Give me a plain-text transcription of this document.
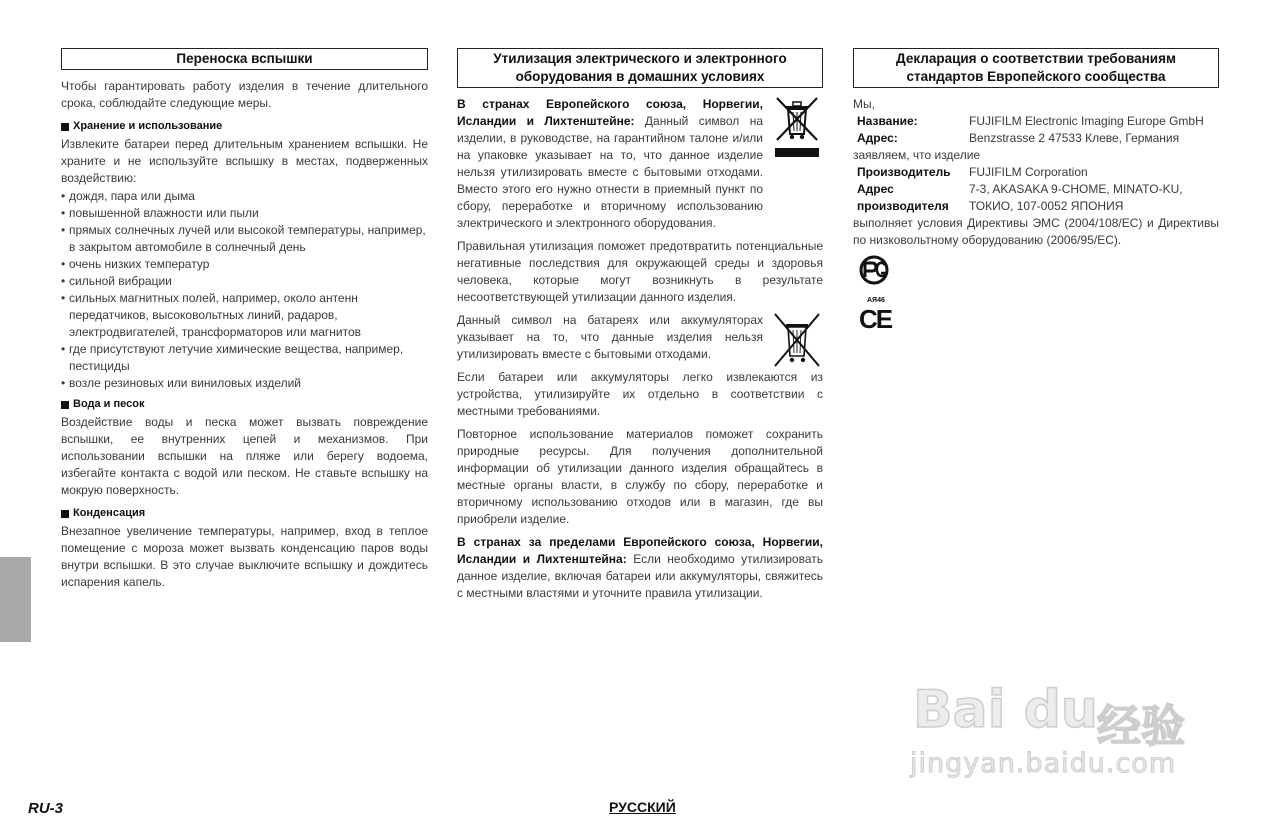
Переноска вспышки

Чтобы гарантировать работу изделия в течение длительного срока, соблюдайте следующие меры.

Хранение и использование

Извлеките батареи перед длительным хранением вспышки. Не храните и не используйте вспышку в местах, подверженных воздействию:

• дождя, пара или дыма
• повышенной влажности или пыли
• прямых солнечных лучей или высокой температуры, например, в закрытом автомобиле в солнечный день
• очень низких температур
• сильной вибрации
• сильных магнитных полей, например, около антенн передатчиков, высоковольтных линий, радаров, электродвигателей, трансформаторов или магнитов
• где присутствуют летучие химические вещества, например, пестициды
• возле резиновых или виниловых изделий
Вода и песок

Воздействие воды и песка может вызвать повреждение вспышки, ее внутренних цепей и механизмов. При использовании вспышки на пляже или берегу водоема, избегайте контакта с водой или песком. Не ставьте вспышку на мокрую поверхность.

Конденсация

Внезапное увеличение температуры, например, вход в теплое помещение с мороза может вызвать конденсацию паров воды внутри вспышки. В это случае выключите вспышку и дождитесь испарения капель.

Утилизация электрического и электронного оборудования в домашних условиях

В странах Европейского союза, Норвегии, Исландии и Лихтенштейне: Данный символ на изделии, в руководстве, на гарантийном талоне и/или на упаковке указывает на то, что данное изделие нельзя утилизировать вместе с бытовыми отходами. Вместо этого его нужно отнести в приемный пункт по сбору, переработке и вторичному использованию электрического и электронного оборудования.

Правильная утилизация поможет предотвратить потенциальные негативные последствия для окружающей среды и здоровья человека, которые могут возникнуть в результате несоответствующей утилизации данного изделия.

Данный символ на батареях или аккумуляторах указывает на то, что данные изделия нельзя утилизировать вместе с бытовыми отходами.

Если батареи или аккумуляторы легко извлекаются из устройства, утилизируйте их отдельно в соответствии с местными требованиями.

Повторное использование материалов поможет сохранить природные ресурсы. Для получения дополнительной информации об утилизации данного изделия обращайтесь в местные органы власти, в службу по сбору, переработке и вторичному использованию отходов или в магазин, где вы приобрели изделие.

В странах за пределами Европейского союза, Норвегии, Исландии и Лихтенштейна: Если необходимо утилизировать данное изделие, включая батареи или аккумуляторы, свяжитесь с местными властями и уточните правила утилизации.

Декларация о соответствии требованиям стандартов Европейского сообщества
Мы,
Название:	FUJIFILM Electronic Imaging Europe GmbH
Адрес:	Benzstrasse 2 47533 Клеве, Германия
заявляем, что изделие
Производитель	FUJIFILM Corporation
Адрес производителя
7-3, AKASAKA 9-CHOME, MINATO-KU, ТОКИО, 107-0052 ЯПОНИЯ

выполняет условия Директивы ЭМС (2004/108/EC) и Директивы по низковольтному оборудованию (2006/95/EC).

АЯ46
CE
RU-3	РУССКИЙ
Bai du 经验
jingyan.baidu.com
